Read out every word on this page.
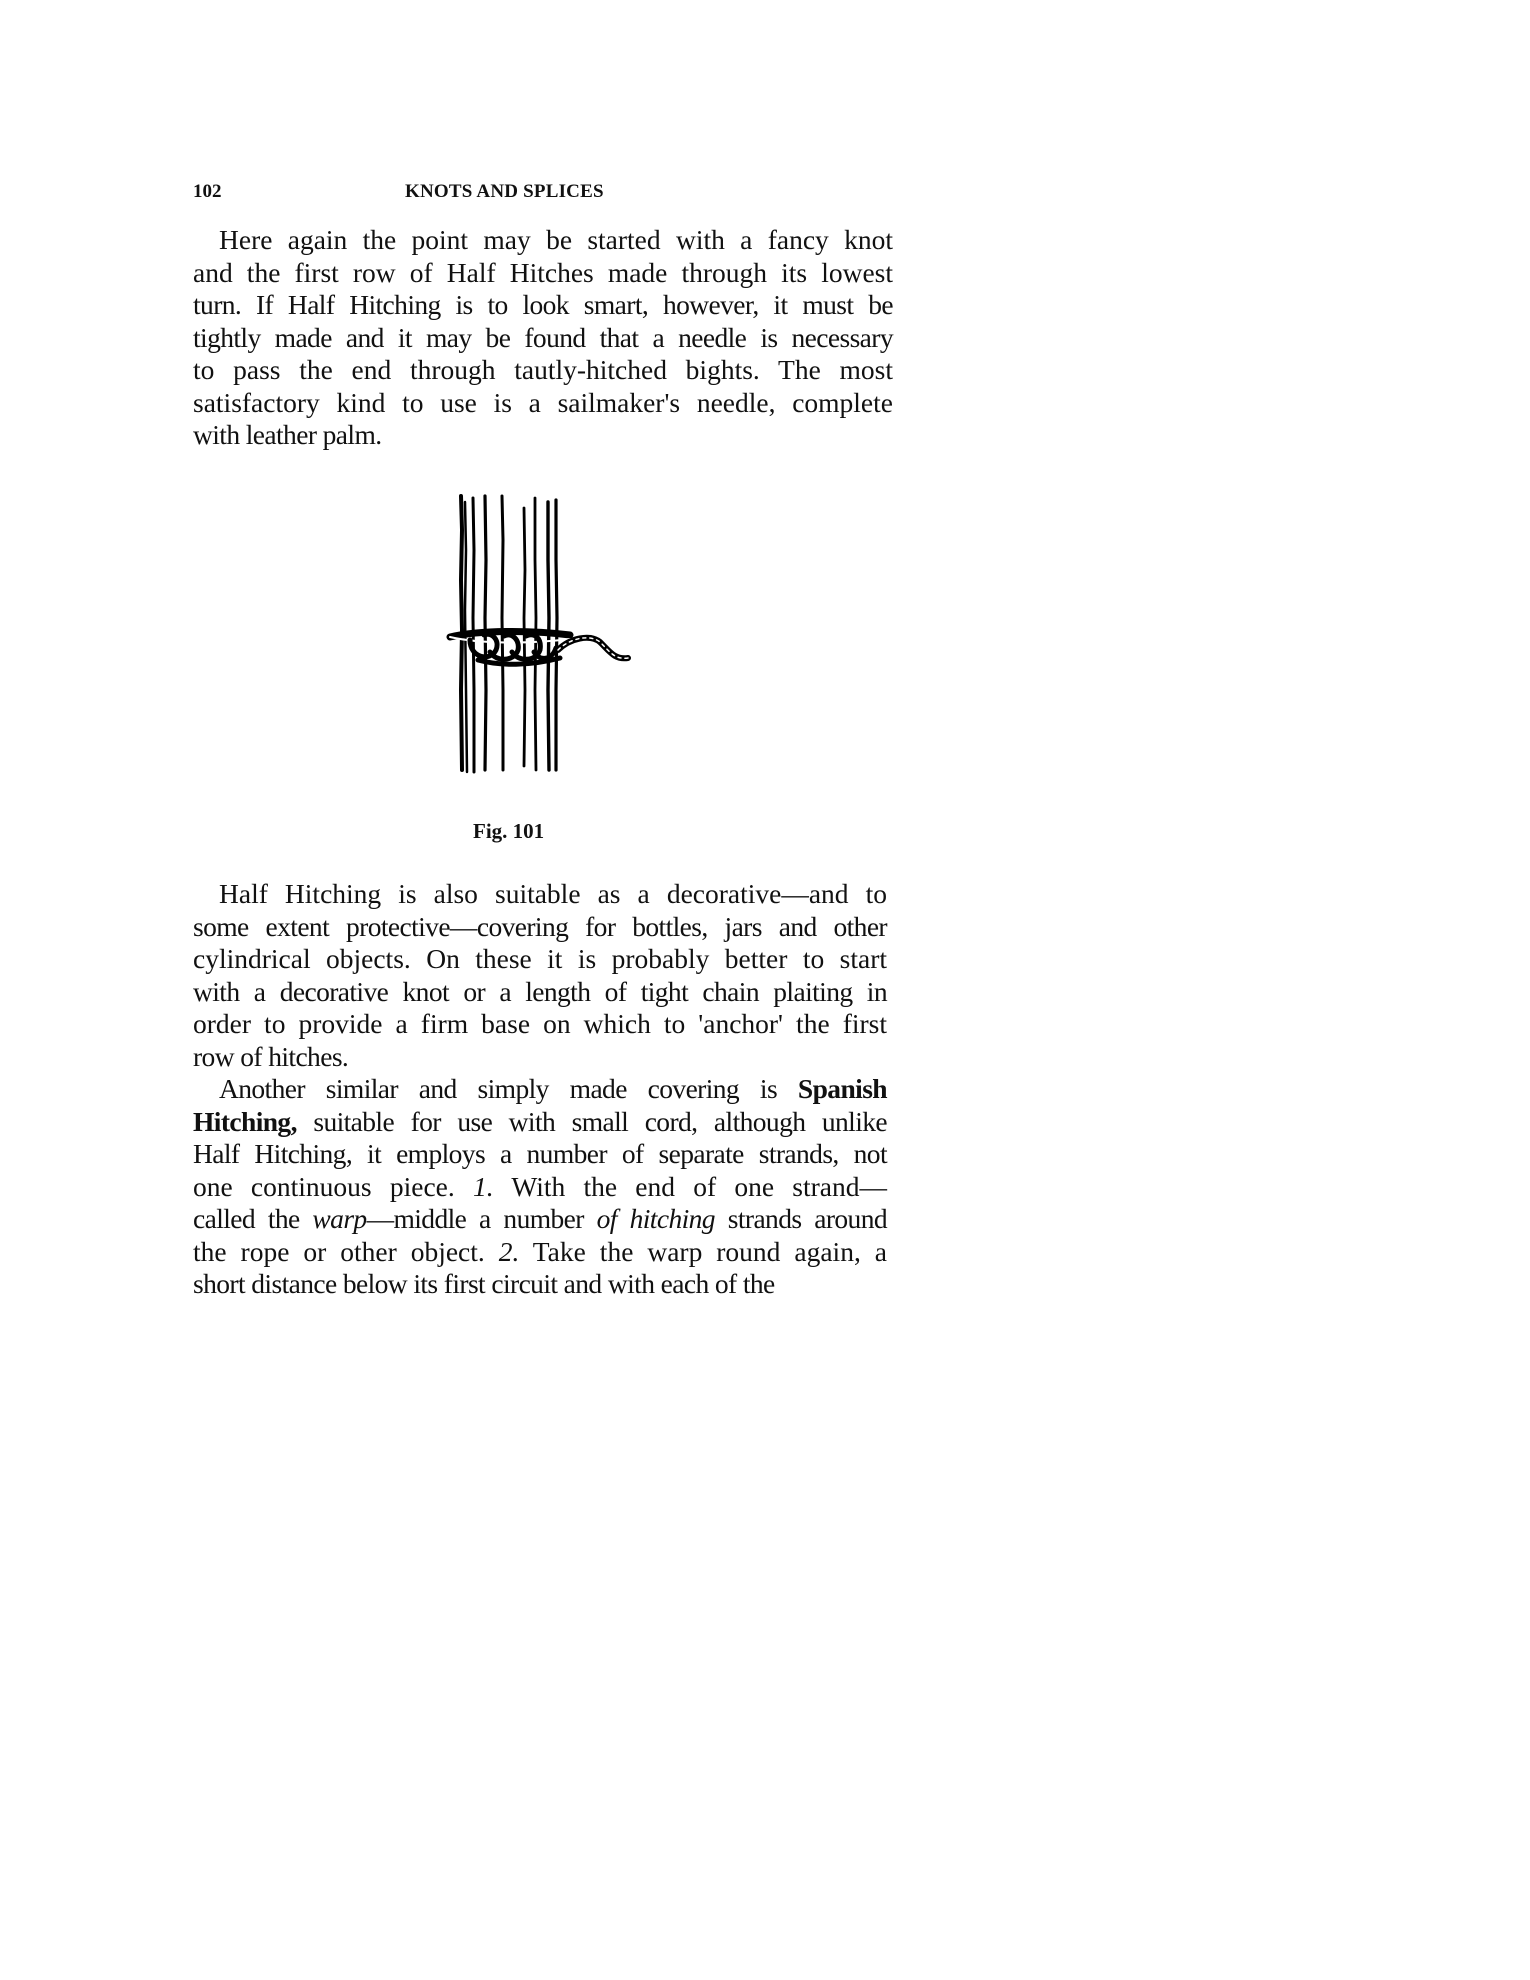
102	KNOTS AND SPLICES
Here again the point may be started with a fancy knot
and the first row of Half Hitches made through its lowest
turn. If Half Hitching is to look smart, however, it must be
tightly made and it may be found that a needle is necessary
to pass the end through tautly-hitched bights. The most
satisfactory kind to use is a sailmaker's needle, complete
with leather palm.
Fig. 101
Half Hitching is also suitable as a decorative—and to
some extent protective—covering for bottles, jars and other
cylindrical objects. On these it is probably better to start
with a decorative knot or a length of tight chain plaiting in
order to provide a firm base on which to 'anchor' the first
row of hitches.
Another similar and simply made covering is Spanish
Hitching, suitable for use with small cord, although unlike
Half Hitching, it employs a number of separate strands, not
one continuous piece. 1. With the end of one strand—
called the warp—middle a number of hitching strands around
the rope or other object. 2. Take the warp round again, a
short distance below its first circuit and with each of the
